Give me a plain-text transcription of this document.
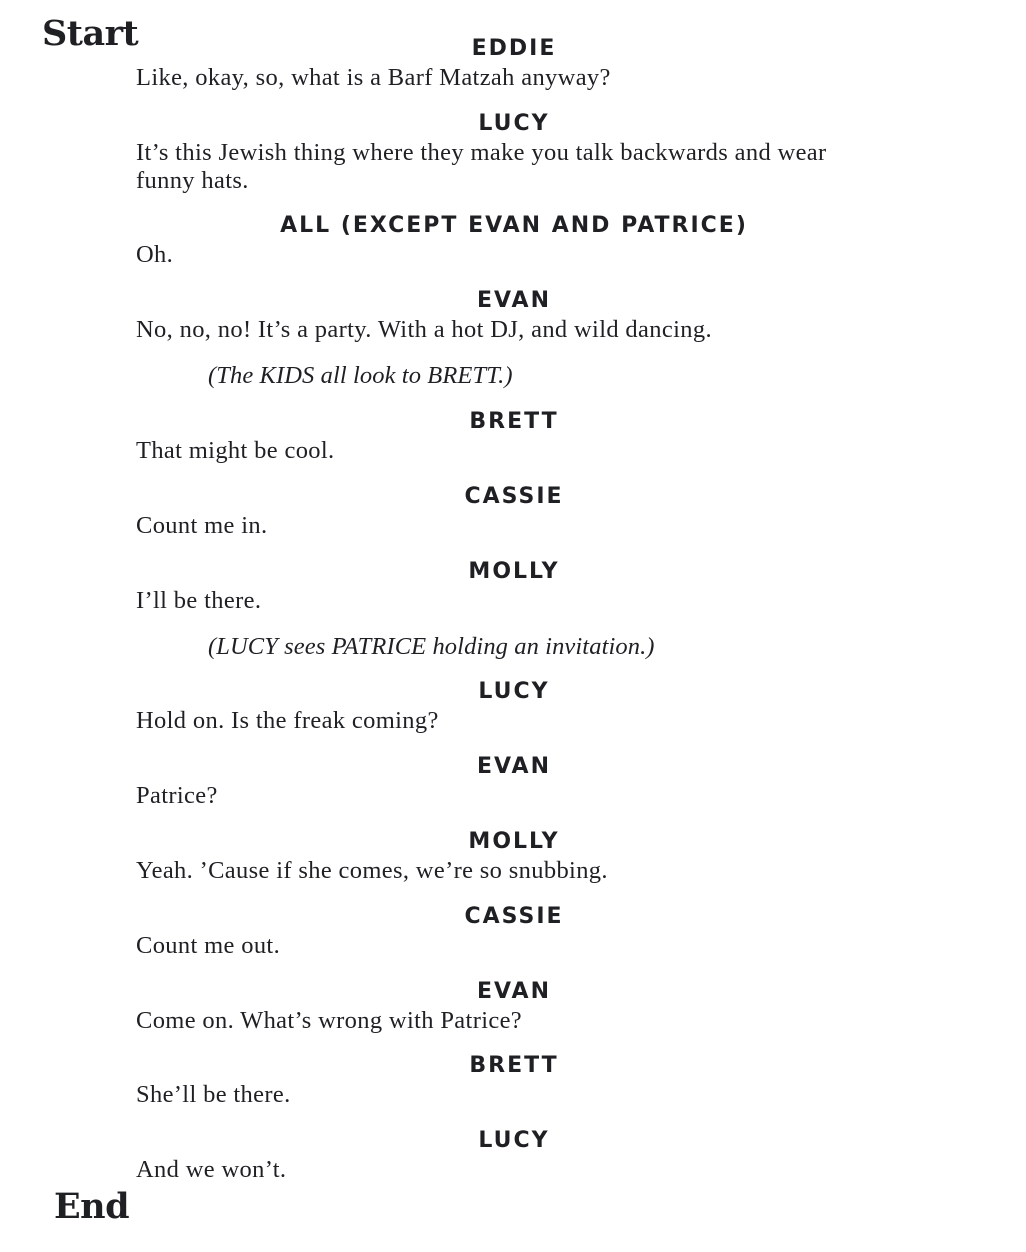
Start	EDDIE
Like, okay, so, what is a Barf Matzah anyway?
LUCY
It’s this Jewish thing where they make you talk backwards and wear funny hats.
ALL (EXCEPT EVAN AND PATRICE)
Oh.
EVAN
No, no, no! It’s a party. With a hot DJ, and wild dancing.
(The KIDS all look to BRETT.)
BRETT
That might be cool.
CASSIE
Count me in.
MOLLY
I’ll be there.
(LUCY sees PATRICE holding an invitation.)
LUCY
Hold on. Is the freak coming?
EVAN
Patrice?
MOLLY
Yeah. ’Cause if she comes, we’re so snubbing.
CASSIE
Count me out.
EVAN
Come on. What’s wrong with Patrice?
BRETT
She’ll be there.
LUCY
And we won’t.
End
